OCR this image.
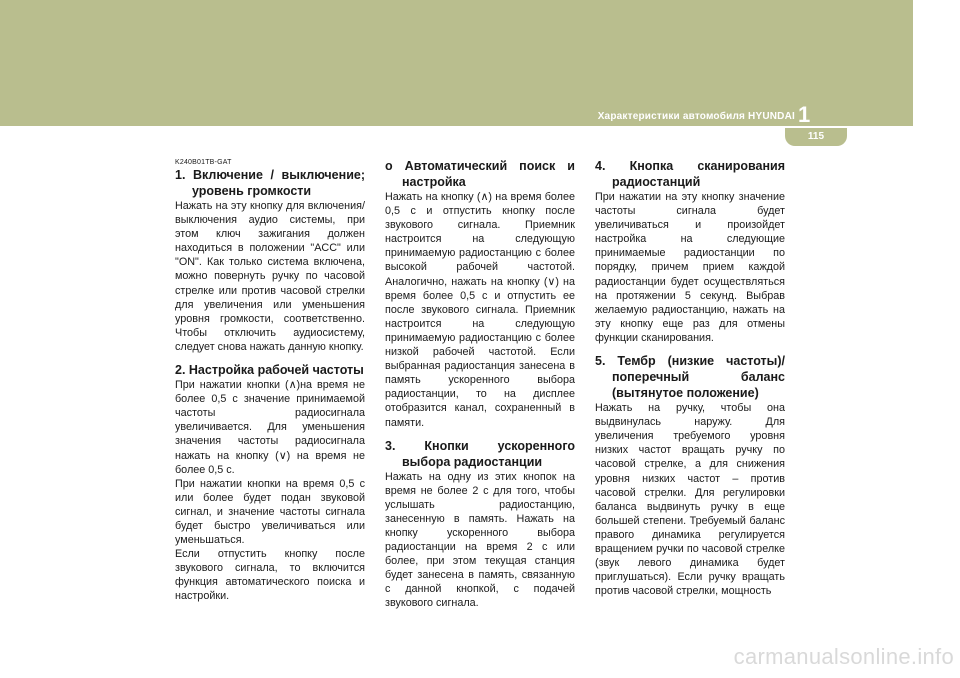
Характеристики автомобиля HYUNDAI 1
115

K240B01TB-GAT

1. Включение / выключение; уровень громкости

Нажать на эту кнопку для включения/выключения аудио системы, при этом ключ зажигания должен находиться в положении "ACC" или "ON". Как только система включена, можно повернуть ручку по часовой стрелке или против часовой стрелки для увеличения или уменьшения уровня громкости, соответственно. Чтобы отключить аудиосистему, следует снова нажать данную кнопку.

2. Настройка рабочей частоты

При нажатии кнопки (∧)на время не более 0,5 с значение принимаемой частоты радиосигнала увеличивается. Для уменьшения значения частоты радиосигнала нажать на кнопку (∨) на время не более 0,5 с.

При нажатии кнопки на время 0,5 с или более будет подан звуковой сигнал, и значение частоты сигнала будет быстро увеличиваться или уменьшаться.

Если отпустить кнопку после звукового сигнала, то включится функция автоматического поиска и настройки.

o Автоматический поиск и настройка

Нажать на кнопку (∧) на время более 0,5 с и отпустить кнопку после звукового сигнала. Приемник настроится на следующую принимаемую радиостанцию с более высокой рабочей частотой. Аналогично, нажать на кнопку (∨) на время более 0,5 с и отпустить ее после звукового сигнала. Приемник настроится на следующую принимаемую радиостанцию с более низкой рабочей частотой. Если выбранная радиостанция занесена в память ускоренного выбора радиостанции, то на дисплее отобразится канал, сохраненный в памяти.

3. Кнопки ускоренного выбора радиостанции

Нажать на одну из этих кнопок на время не более 2 с для того, чтобы услышать радиостанцию, занесенную в память. Нажать на кнопку ускоренного выбора радиостанции на время 2 с или более, при этом текущая станция будет занесена в память, связанную с данной кнопкой, с подачей звукового сигнала.

4. Кнопка сканирования радиостанций

При нажатии на эту кнопку значение частоты сигнала будет увеличиваться и произойдет настройка на следующие принимаемые радиостанции по порядку, причем прием каждой радиостанции будет осуществляться на протяжении 5 секунд. Выбрав желаемую радиостанцию, нажать на эту кнопку еще раз для отмены функции сканирования.

5. Тембр (низкие частоты)/ поперечный баланс (вытянутое положение)

Нажать на ручку, чтобы она выдвинулась наружу. Для увеличения требуемого уровня низких частот вращать ручку по часовой стрелке, а для снижения уровня низких частот – против часовой стрелки. Для регулировки баланса выдвинуть ручку в еще большей степени. Требуемый баланс правого динамика регулируется вращением ручки по часовой стрелке (звук левого динамика будет приглушаться). Если ручку вращать против часовой стрелки, мощность

carmanualsonline.info
